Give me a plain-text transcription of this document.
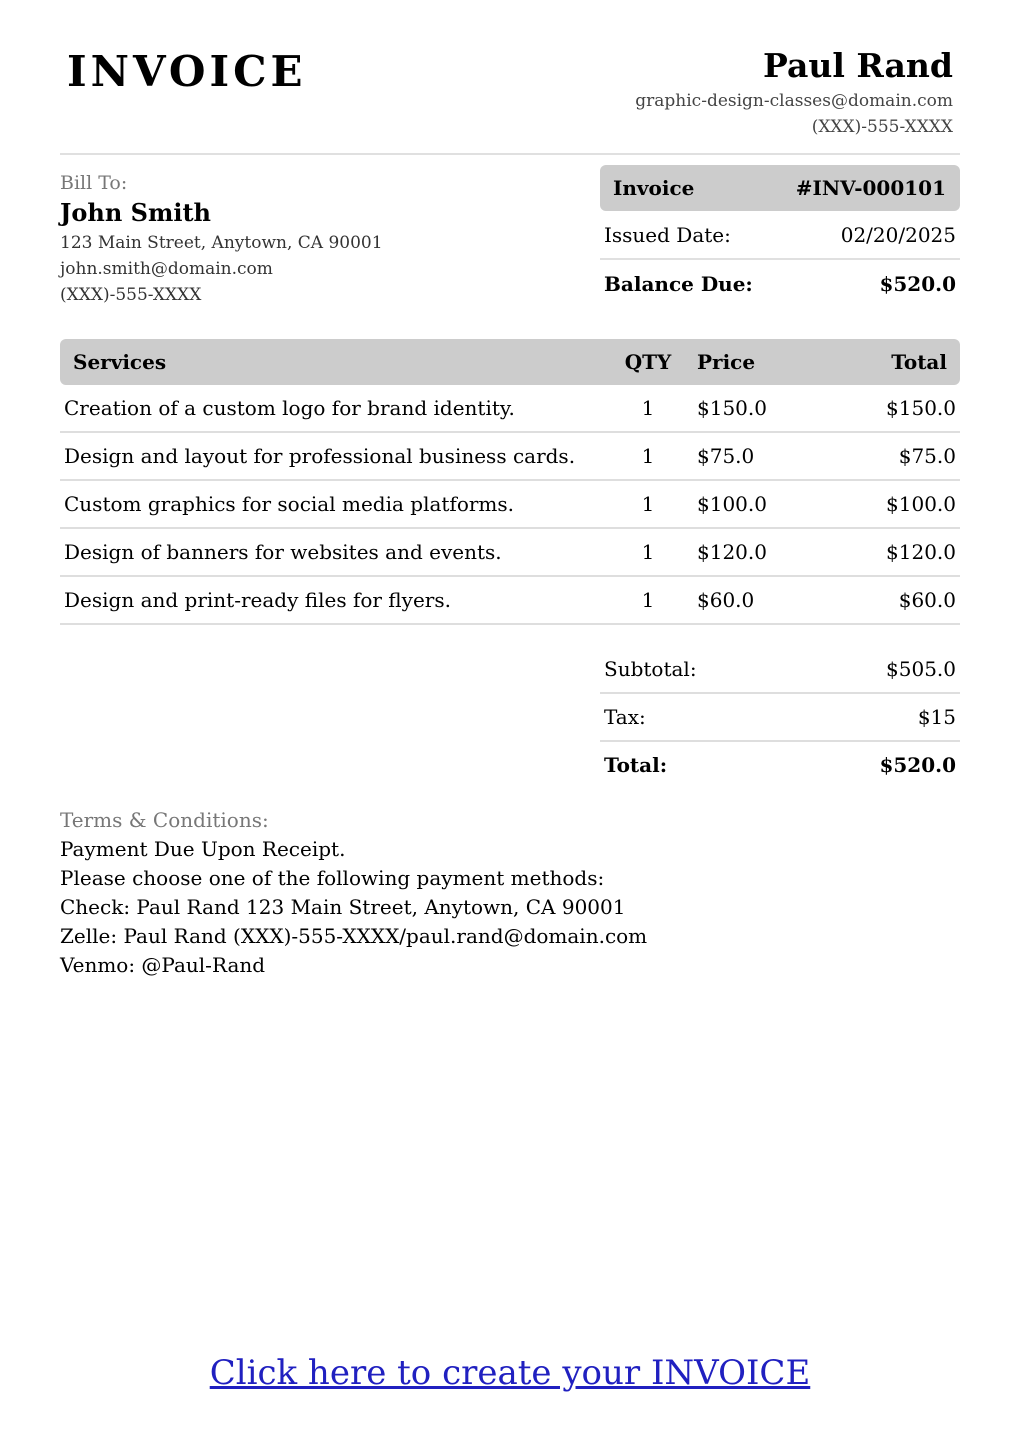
INVOICE	Paul Rand
graphic-design-classes@domain.com
(XXX)-555-XXXX
Bill To:
John Smith
123 Main Street, Anytown, CA 90001
john.smith@domain.com
(XXX)-555-XXXX
Invoice	#INV-000101
Issued Date:	02/20/2025
Balance Due:	$520.0
Services	QTY	Price	Total
Creation of a custom logo for brand identity.	1	$150.0	$150.0
Design and layout for professional business cards.	1	$75.0	$75.0
Custom graphics for social media platforms.	1	$100.0	$100.0
Design of banners for websites and events.	1	$120.0	$120.0
Design and print-ready files for flyers.	1	$60.0	$60.0
Subtotal:	$505.0
Tax:	$15
Total:	$520.0
Terms & Conditions:
Payment Due Upon Receipt.
Please choose one of the following payment methods:
Check: Paul Rand 123 Main Street, Anytown, CA 90001
Zelle: Paul Rand (XXX)-555-XXXX/paul.rand@domain.com
Venmo: @Paul-Rand
Click here to create your INVOICE
